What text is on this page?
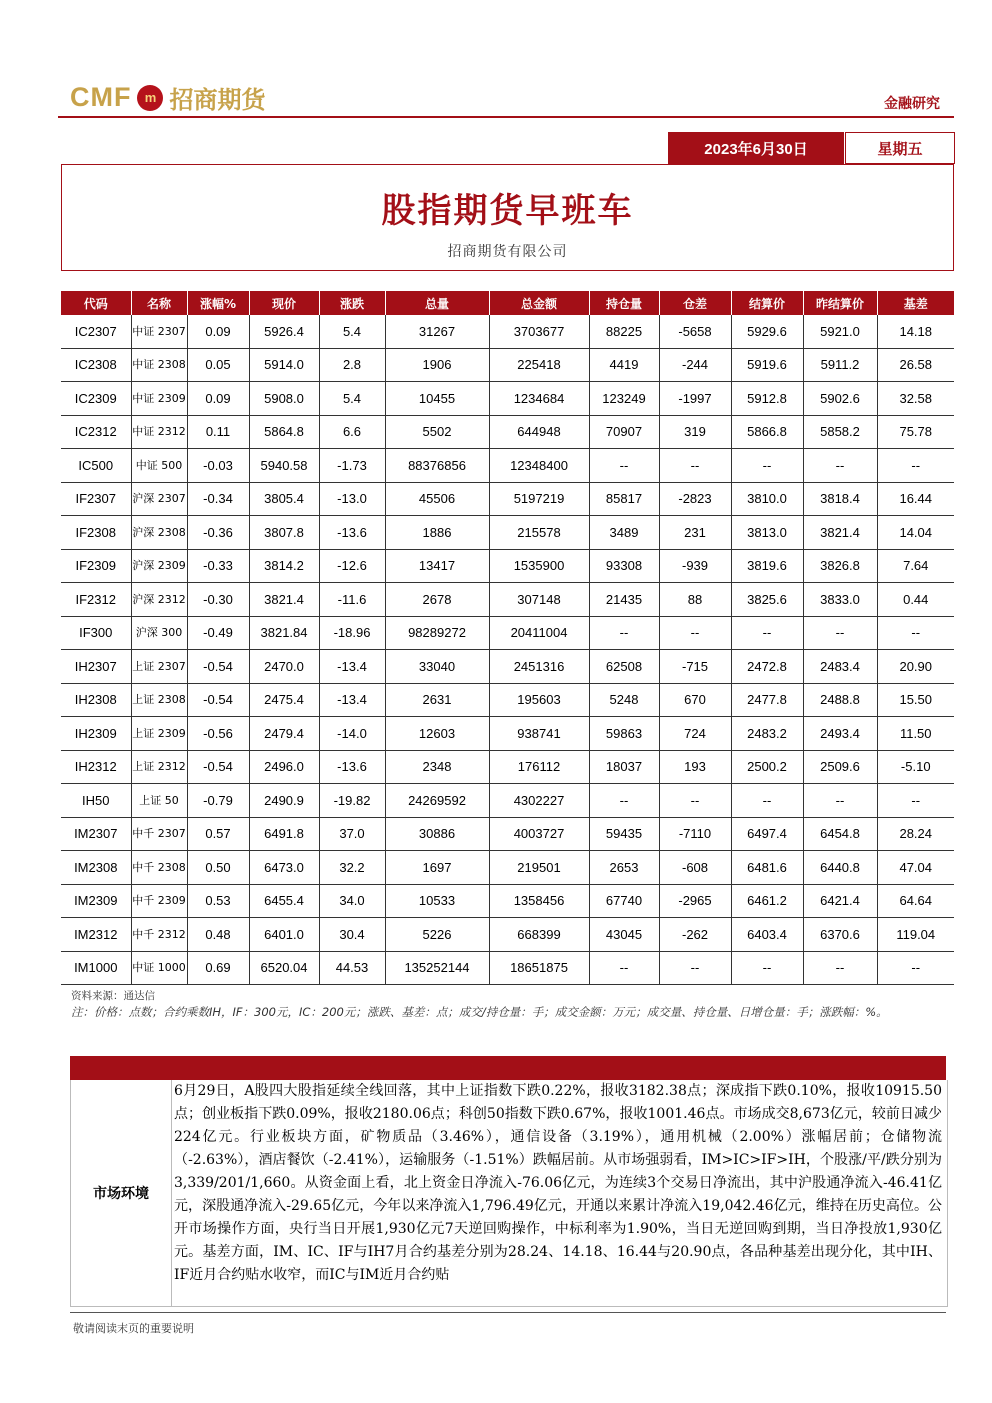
CMF	m 招商期货	金融研究
2023年6月30日	星期五
股指期货早班车
招商期货有限公司
代码	名称	涨幅%	现价	涨跌	总量	总金额	持仓量	仓差	结算价	昨结算价	基差
IC2307	中证 2307	0.09	5926.4	5.4	31267	3703677	88225	-5658	5929.6	5921.0	14.18
IC2308	中证 2308	0.05	5914.0	2.8	1906	225418	4419	-244	5919.6	5911.2	26.58
IC2309	中证 2309	0.09	5908.0	5.4	10455	1234684	123249	-1997	5912.8	5902.6	32.58
IC2312	中证 2312	0.11	5864.8	6.6	5502	644948	70907	319	5866.8	5858.2	75.78
IC500	中证 500	-0.03	5940.58	-1.73	88376856	12348400	--	--	--	--	--
IF2307	沪深 2307	-0.34	3805.4	-13.0	45506	5197219	85817	-2823	3810.0	3818.4	16.44
IF2308	沪深 2308	-0.36	3807.8	-13.6	1886	215578	3489	231	3813.0	3821.4	14.04
IF2309	沪深 2309	-0.33	3814.2	-12.6	13417	1535900	93308	-939	3819.6	3826.8	7.64
IF2312	沪深 2312	-0.30	3821.4	-11.6	2678	307148	21435	88	3825.6	3833.0	0.44
IF300	沪深 300	-0.49	3821.84	-18.96	98289272	20411004	--	--	--	--	--
IH2307	上证 2307	-0.54	2470.0	-13.4	33040	2451316	62508	-715	2472.8	2483.4	20.90
IH2308	上证 2308	-0.54	2475.4	-13.4	2631	195603	5248	670	2477.8	2488.8	15.50
IH2309	上证 2309	-0.56	2479.4	-14.0	12603	938741	59863	724	2483.2	2493.4	11.50
IH2312	上证 2312	-0.54	2496.0	-13.6	2348	176112	18037	193	2500.2	2509.6	-5.10
IH50	上证 50	-0.79	2490.9	-19.82	24269592	4302227	--	--	--	--	--
IM2307	中千 2307	0.57	6491.8	37.0	30886	4003727	59435	-7110	6497.4	6454.8	28.24
IM2308	中千 2308	0.50	6473.0	32.2	1697	219501	2653	-608	6481.6	6440.8	47.04
IM2309	中千 2309	0.53	6455.4	34.0	10533	1358456	67740	-2965	6461.2	6421.4	64.64
IM2312	中千 2312	0.48	6401.0	30.4	5226	668399	43045	-262	6403.4	6370.6	119.04
IM1000	中证 1000	0.69	6520.04	44.53	135252144	18651875	--	--	--	--	--
资料来源：通达信
注：价格：点数；合约乘数IH，IF：300元，IC：200元；涨跌、基差：点；成交/持仓量：手；成交金额：万元；成交量、持仓量、日增仓量：手；涨跌幅：%。
市场环境
6月29日，A股四大股指延续全线回落，其中上证指数下跌0.22%，报收3182.38点；深成指下跌0.10%，报收10915.50点；创业板指下跌0.09%，报收2180.06点；科创50指数下跌0.67%，报收1001.46点。市场成交8,673亿元，较前日减少224亿元。行业板块方面，矿物质品（3.46%），通信设备（3.19%），通用机械（2.00%）涨幅居前；仓储物流（-2.63%），酒店餐饮（-2.41%），运输服务（-1.51%）跌幅居前。从市场强弱看，IM>IC>IF>IH，个股涨/平/跌分别为 3,339/201/1,660。从资金面上看，北上资金日净流入-76.06亿元，为连续3个交易日净流出，其中沪股通净流入-46.41亿元，深股通净流入-29.65亿元，今年以来净流入1,796.49亿元，开通以来累计净流入19,042.46亿元，维持在历史高位。公开市场操作方面，央行当日开展1,930亿元7天逆回购操作，中标利率为1.90%，当日无逆回购到期，当日净投放1,930亿元。基差方面，IM、IC、IF与IH7月合约基差分别为28.24、14.18、16.44与20.90点，各品种基差出现分化，其中IH、IF近月合约贴水收窄，而IC与IM近月合约贴
敬请阅读末页的重要说明
